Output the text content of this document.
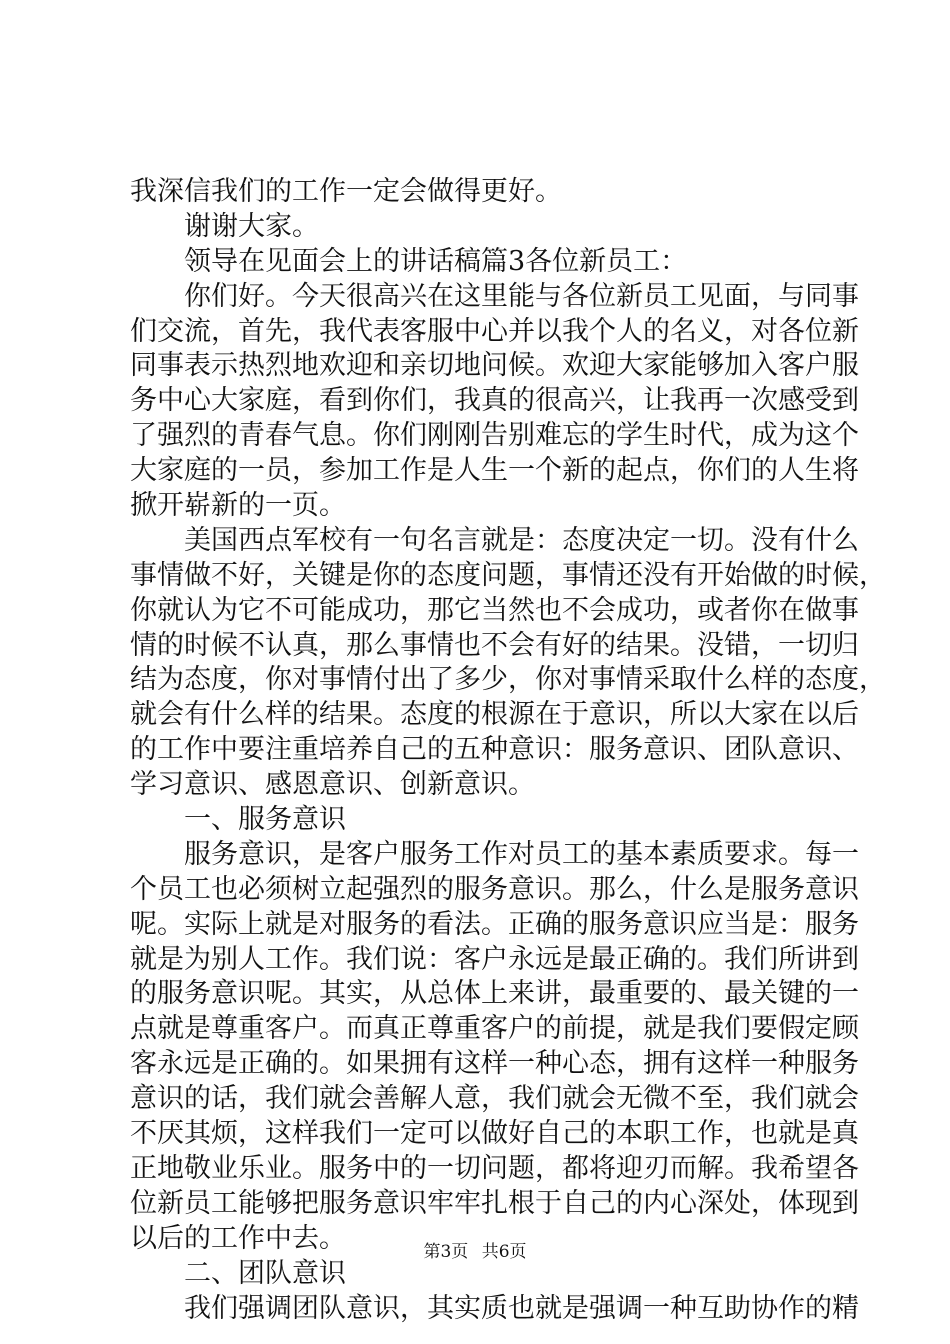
我深信我们的工作一定会做得更好。
谢谢大家。
领导在见面会上的讲话稿篇3各位新员工：
你们好。今天很高兴在这里能与各位新员工见面，与同事
们交流，首先，我代表客服中心并以我个人的名义，对各位新
同事表示热烈地欢迎和亲切地问候。欢迎大家能够加入客户服
务中心大家庭，看到你们，我真的很高兴，让我再一次感受到
了强烈的青春气息。你们刚刚告别难忘的学生时代，成为这个
大家庭的一员，参加工作是人生一个新的起点，你们的人生将
掀开崭新的一页。
美国西点军校有一句名言就是：态度决定一切。没有什么
事情做不好，关键是你的态度问题，事情还没有开始做的时候，
你就认为它不可能成功，那它当然也不会成功，或者你在做事
情的时候不认真，那么事情也不会有好的结果。没错，一切归
结为态度，你对事情付出了多少，你对事情采取什么样的态度，
就会有什么样的结果。态度的根源在于意识，所以大家在以后
的工作中要注重培养自己的五种意识：服务意识、团队意识、
学习意识、感恩意识、创新意识。
一、服务意识
服务意识，是客户服务工作对员工的基本素质要求。每一
个员工也必须树立起强烈的服务意识。那么，什么是服务意识
呢。实际上就是对服务的看法。正确的服务意识应当是：服务
就是为别人工作。我们说：客户永远是最正确的。我们所讲到
的服务意识呢。其实，从总体上来讲，最重要的、最关键的一
点就是尊重客户。而真正尊重客户的前提，就是我们要假定顾
客永远是正确的。如果拥有这样一种心态，拥有这样一种服务
意识的话，我们就会善解人意，我们就会无微不至，我们就会
不厌其烦，这样我们一定可以做好自己的本职工作，也就是真
正地敬业乐业。服务中的一切问题，都将迎刃而解。我希望各
位新员工能够把服务意识牢牢扎根于自己的内心深处，体现到
以后的工作中去。
二、团队意识
我们强调团队意识，其实质也就是强调一种互助协作的精
第3页 共6页
